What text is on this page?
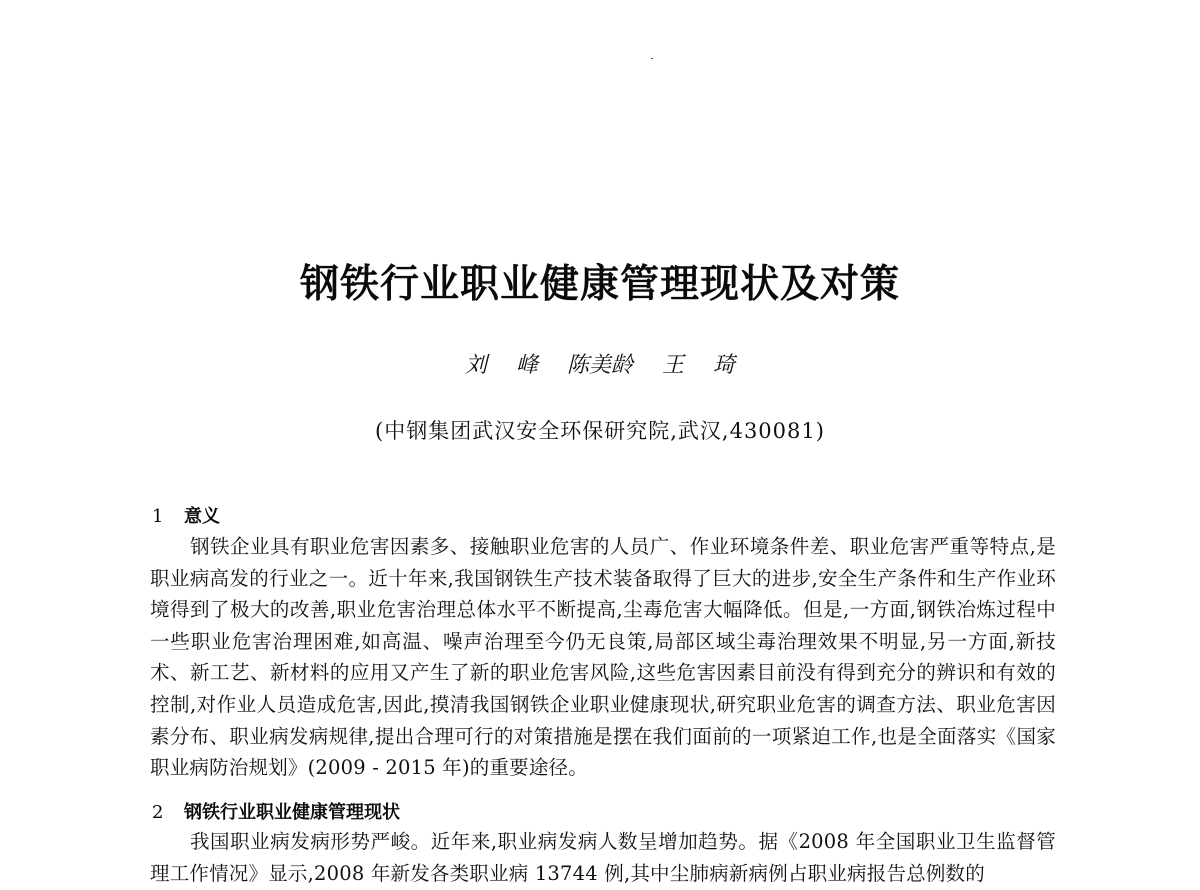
钢铁行业职业健康管理现状及对策
刘 峰 陈美龄 王 琦
(中钢集团武汉安全环保研究院,武汉,430081)
1 意义

钢铁企业具有职业危害因素多、接触职业危害的人员广、作业环境条件差、职业危害严重等特点,是职业病高发的行业之一。近十年来,我国钢铁生产技术装备取得了巨大的进步,安全生产条件和生产作业环境得到了极大的改善,职业危害治理总体水平不断提高,尘毒危害大幅降低。但是,一方面,钢铁冶炼过程中一些职业危害治理困难,如高温、噪声治理至今仍无良策,局部区域尘毒治理效果不明显,另一方面,新技术、新工艺、新材料的应用又产生了新的职业危害风险,这些危害因素目前没有得到充分的辨识和有效的控制,对作业人员造成危害,因此,摸清我国钢铁企业职业健康现状,研究职业危害的调查方法、职业危害因素分布、职业病发病规律,提出合理可行的对策措施是摆在我们面前的一项紧迫工作,也是全面落实《国家职业病防治规划》(2009 - 2015 年)的重要途径。

2 钢铁行业职业健康管理现状

我国职业病发病形势严峻。近年来,职业病发病人数呈增加趋势。据《2008 年全国职业卫生监督管理工作情况》显示,2008 年新发各类职业病 13744 例,其中尘肺病新病例占职业病报告总例数的
